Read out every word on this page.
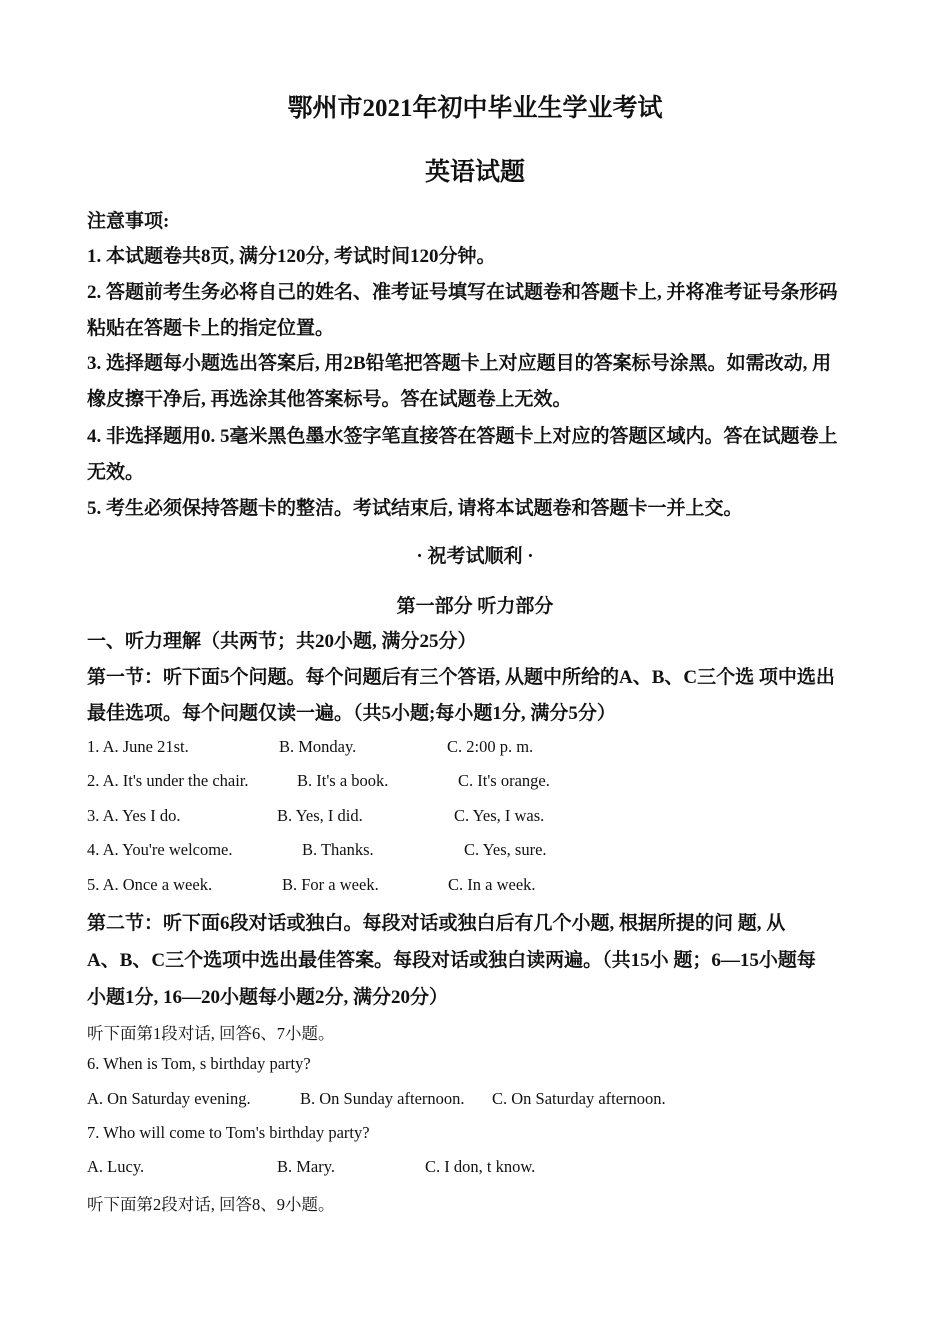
鄂州市2021年初中毕业生学业考试
英语试题
注意事项:
1. 本试题卷共8页, 满分120分, 考试时间120分钟。
2. 答题前考生务必将自己的姓名、准考证号填写在试题卷和答题卡上, 并将准考证号条形码
粘贴在答题卡上的指定位置。
3. 选择题每小题选出答案后, 用2B铅笔把答题卡上对应题目的答案标号涂黑。如需改动, 用
橡皮擦干净后, 再选涂其他答案标号。答在试题卷上无效。
4. 非选择题用0. 5毫米黑色墨水签字笔直接答在答题卡上对应的答题区域内。答在试题卷上
无效。
5. 考生必须保持答题卡的整洁。考试结束后, 请将本试题卷和答题卡一并上交。
· 祝考试顺利 ·
第一部分 听力部分
一、听力理解（共两节；共20小题, 满分25分）
第一节：听下面5个问题。每个问题后有三个答语, 从题中所给的A、B、C三个选 项中选出
最佳选项。每个问题仅读一遍。（共5小题;每小题1分, 满分5分）
1. A. June 21st.	B. Monday.	C. 2:00 p. m.
2. A. It's under the chair.	B. It's a book.	C. It's orange.
3. A. Yes I do.	B. Yes, I did.	C. Yes, I was.
4. A. You're welcome.	B. Thanks.	C. Yes, sure.
5. A. Once a week.	B. For a week.	C. In a week.
第二节：听下面6段对话或独白。每段对话或独白后有几个小题, 根据所提的问 题, 从
A、B、C三个选项中选出最佳答案。每段对话或独白读两遍。（共15小 题；6—15小题每
小题1分, 16—20小题每小题2分, 满分20分）
听下面第1段对话, 回答6、7小题。
6. When is Tom, s birthday party?
A. On Saturday evening.	B. On Sunday afternoon. C. On Saturday afternoon.
7. Who will come to Tom's birthday party?
A. Lucy.	B. Mary.	C. I don, t know.
听下面第2段对话, 回答8、9小题。
